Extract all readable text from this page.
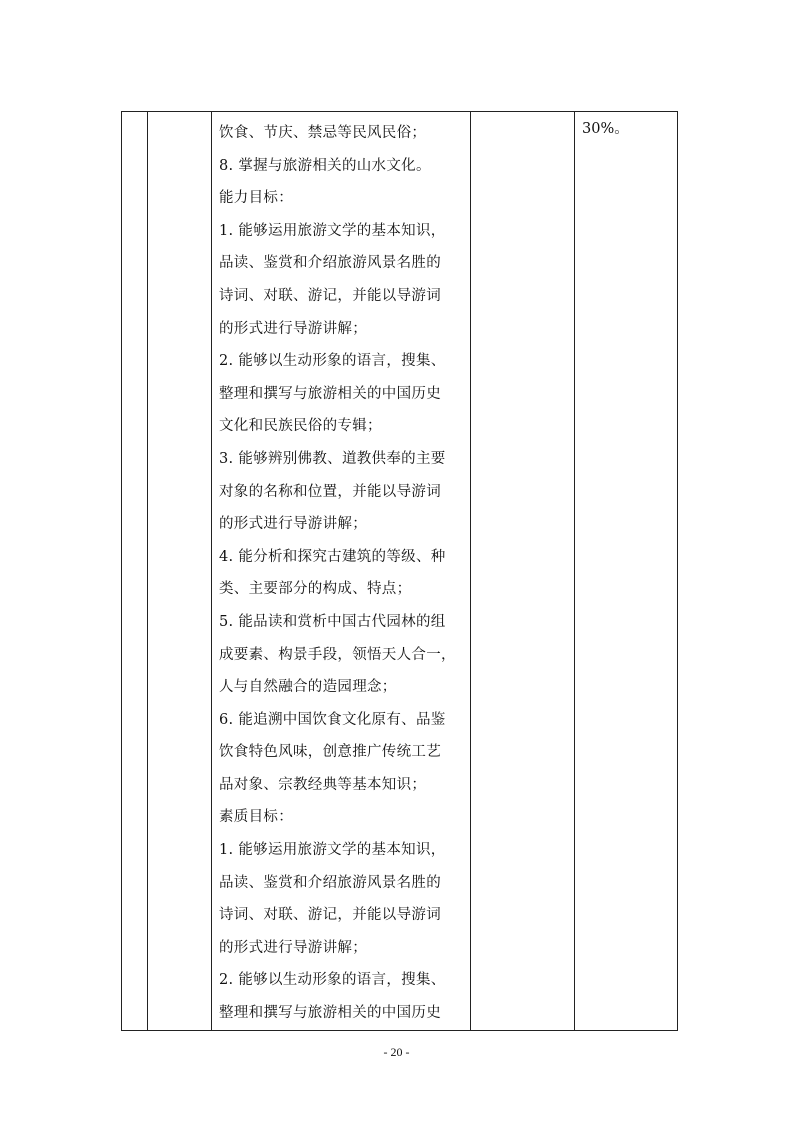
饮食、节庆、禁忌等民风民俗；
8. 掌握与旅游相关的山水文化。
能力目标：
1. 能够运用旅游文学的基本知识，
品读、鉴赏和介绍旅游风景名胜的
诗词、对联、游记，并能以导游词
的形式进行导游讲解；
2. 能够以生动形象的语言，搜集、
整理和撰写与旅游相关的中国历史
文化和民族民俗的专辑；
3. 能够辨别佛教、道教供奉的主要
对象的名称和位置，并能以导游词
的形式进行导游讲解；
4. 能分析和探究古建筑的等级、种
类、主要部分的构成、特点；
5. 能品读和赏析中国古代园林的组
成要素、构景手段，领悟天人合一，
人与自然融合的造园理念；
6. 能追溯中国饮食文化原有、品鉴
饮食特色风味，创意推广传统工艺
品对象、宗教经典等基本知识；
素质目标：
1. 能够运用旅游文学的基本知识，
品读、鉴赏和介绍旅游风景名胜的
诗词、对联、游记，并能以导游词
的形式进行导游讲解；
2. 能够以生动形象的语言，搜集、
整理和撰写与旅游相关的中国历史

30%。
- 20 -
